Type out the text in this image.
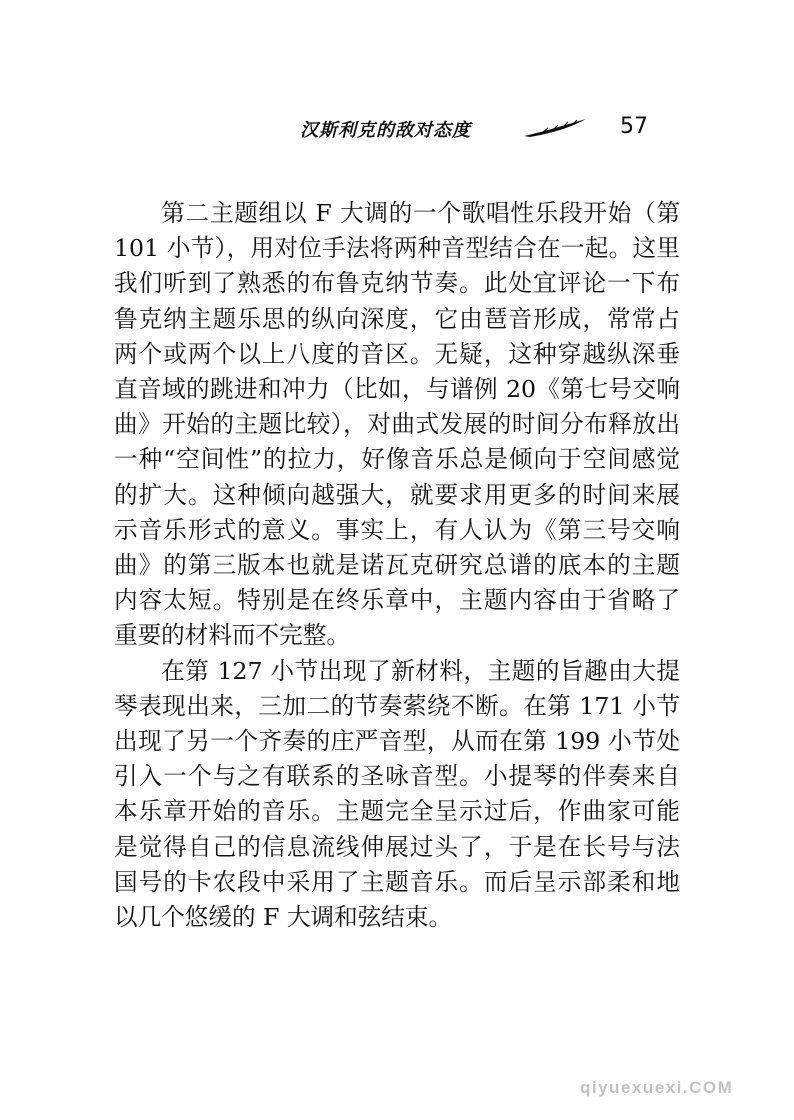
汉斯利克的敌对态度	57

第二主题组以 F 大调的一个歌唱性乐段开始（第 101 小节），用对位手法将两种音型结合在一起。这里我们听到了熟悉的布鲁克纳节奏。此处宜评论一下布鲁克纳主题乐思的纵向深度，它由琶音形成，常常占两个或两个以上八度的音区。无疑，这种穿越纵深垂直音域的跳进和冲力（比如，与谱例 20《第七号交响曲》开始的主题比较），对曲式发展的时间分布释放出一种“空间性”的拉力，好像音乐总是倾向于空间感觉的扩大。这种倾向越强大，就要求用更多的时间来展示音乐形式的意义。事实上，有人认为《第三号交响曲》的第三版本也就是诺瓦克研究总谱的底本的主题内容太短。特别是在终乐章中，主题内容由于省略了重要的材料而不完整。

在第 127 小节出现了新材料，主题的旨趣由大提琴表现出来，三加二的节奏萦绕不断。在第 171 小节出现了另一个齐奏的庄严音型，从而在第 199 小节处引入一个与之有联系的圣咏音型。小提琴的伴奏来自本乐章开始的音乐。主题完全呈示过后，作曲家可能是觉得自己的信息流线伸展过头了，于是在长号与法国号的卡农段中采用了主题音乐。而后呈示部柔和地以几个悠缓的 F 大调和弦结束。

qiyuexuexi.COM
